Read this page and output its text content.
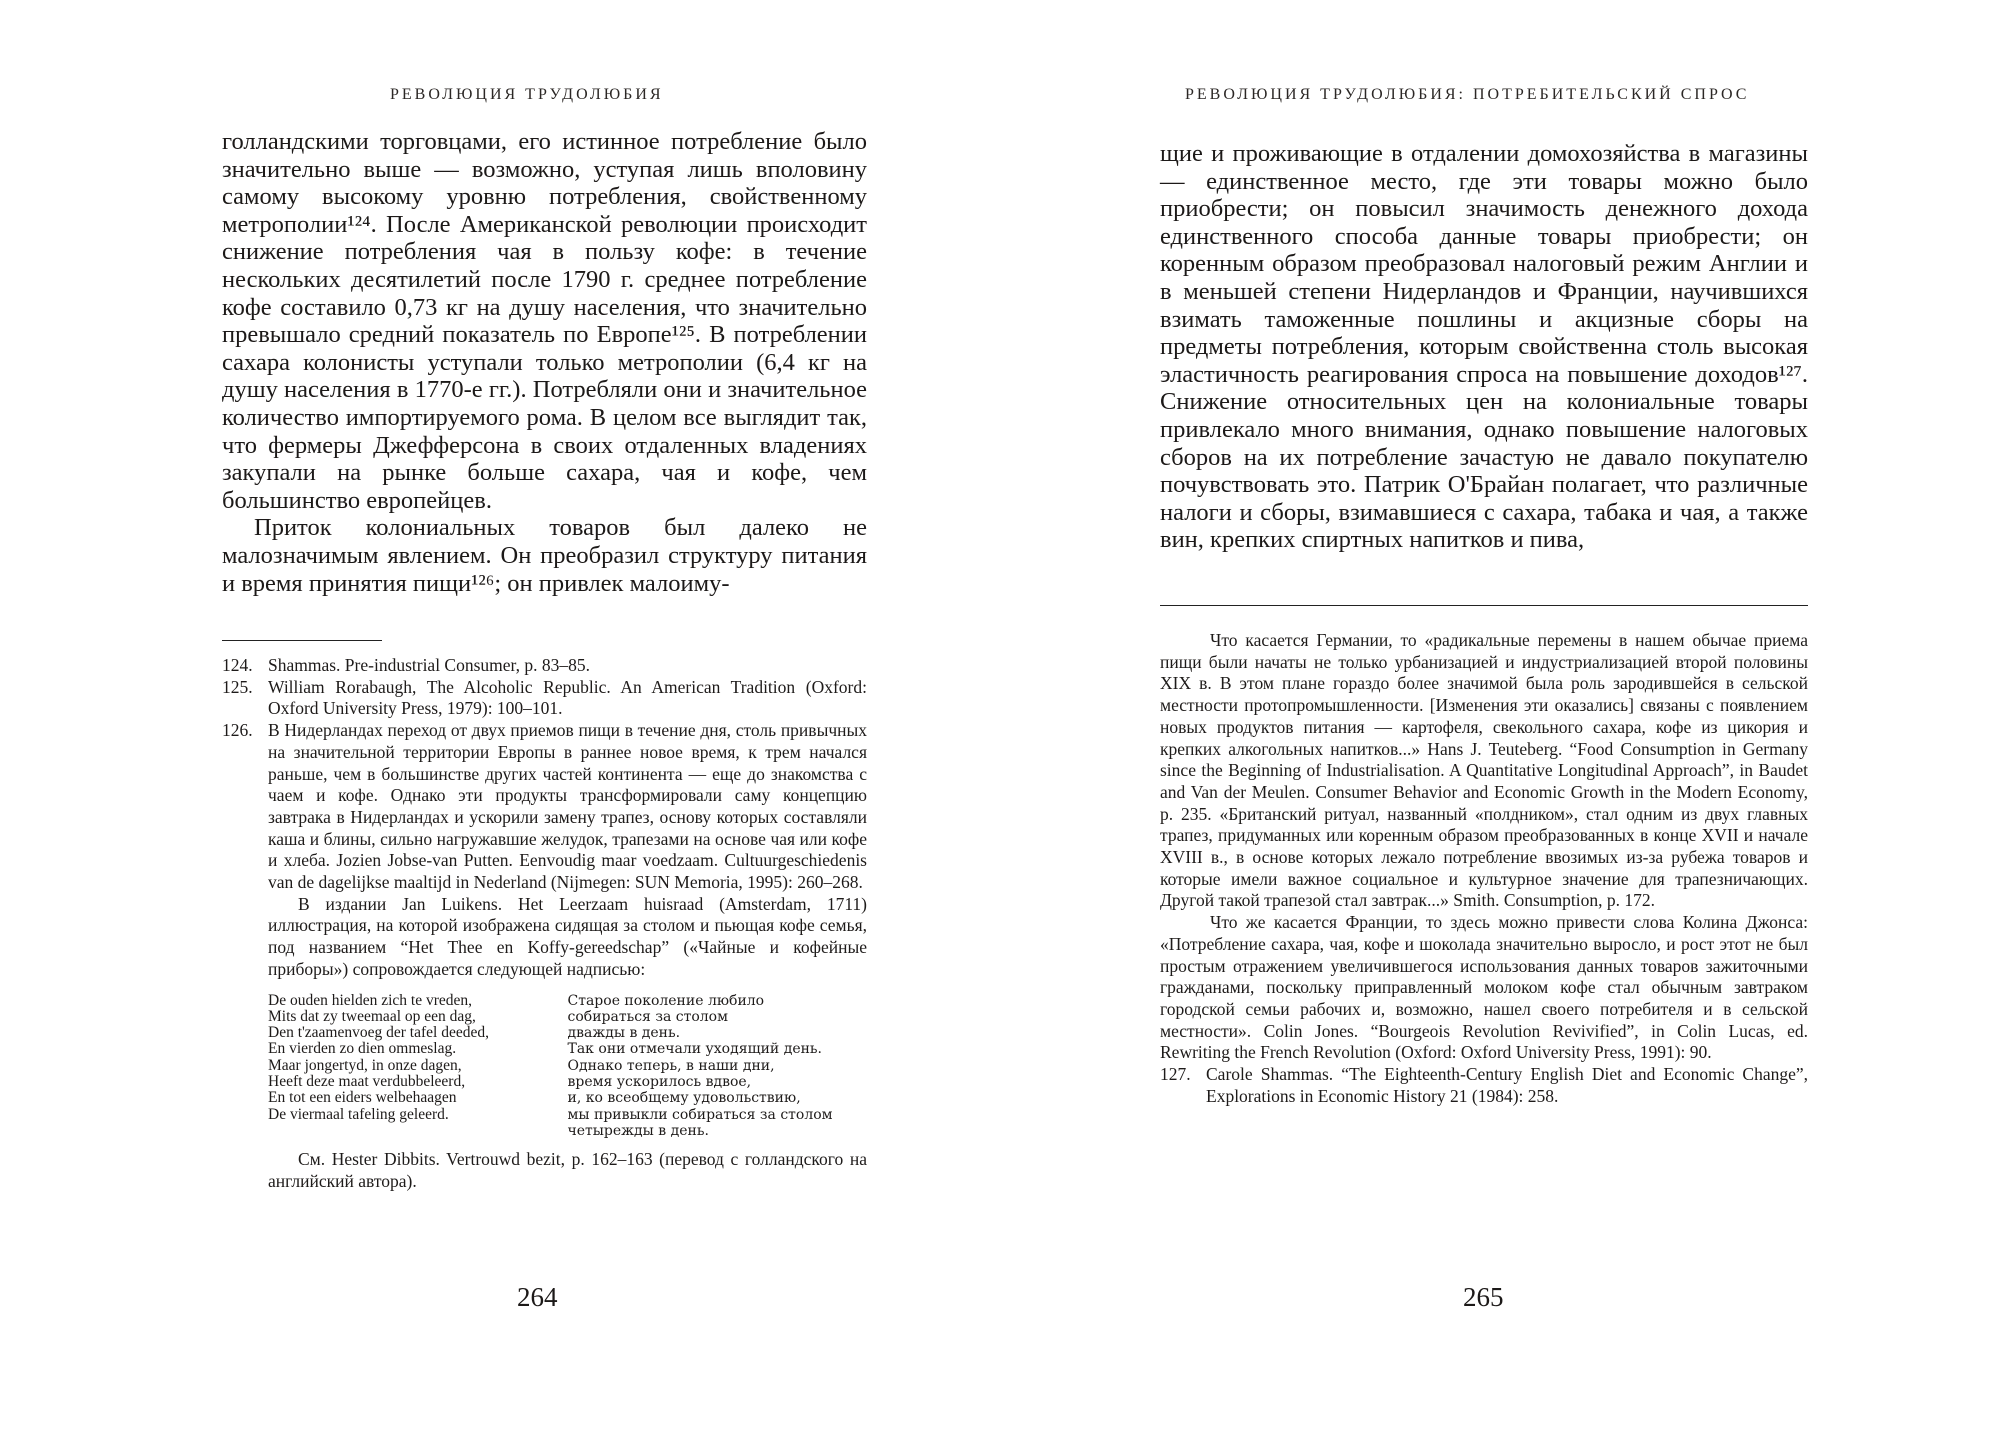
РЕВОЛЮЦИЯ ТРУДОЛЮБИЯ

голландскими торговцами, его истинное потребление было значительно выше — возможно, уступая лишь вполовину самому высокому уровню потребления, свойственному метрополии¹²⁴. После Американской революции происходит снижение потребления чая в пользу кофе: в течение нескольких десятилетий после 1790 г. среднее потребление кофе составило 0,73 кг на душу населения, что значительно превышало средний показатель по Европе¹²⁵. В потреблении сахара колонисты уступали только метрополии (6,4 кг на душу населения в 1770-е гг.). Потребляли они и значительное количество импортируемого рома. В целом все выглядит так, что фермеры Джефферсона в своих отдаленных владениях закупали на рынке больше сахара, чая и кофе, чем большинство европейцев.

Приток колониальных товаров был далеко не малозначимым явлением. Он преобразил структуру питания и время принятия пищи¹²⁶; он привлек малоиму-

124. Shammas. Pre-industrial Consumer, p. 83–85.

125. William Rorabaugh, The Alcoholic Republic. An American Tradition (Oxford: Oxford University Press, 1979): 100–101.

126. В Нидерландах переход от двух приемов пищи в течение дня, столь привычных на значительной территории Европы в раннее новое время, к трем начался раньше, чем в большинстве других частей континента — еще до знакомства с чаем и кофе. Однако эти продукты трансформировали саму концепцию завтрака в Нидерландах и ускорили замену трапез, основу которых составляли каша и блины, сильно нагружавшие желудок, трапезами на основе чая или кофе и хлеба. Jozien Jobse-van Putten. Eenvoudig maar voedzaam. Cultuurgeschiedenis van de dagelijkse maaltijd in Nederland (Nijmegen: SUN Memoria, 1995): 260–268.

В издании Jan Luikens. Het Leerzaam huisraad (Amsterdam, 1711) иллюстрация, на которой изображена сидящая за столом и пьющая кофе семья, под названием “Het Thee en Koffy-gereedschap” («Чайные и кофейные приборы») сопровождается следующей надписью:

De ouden hielden zich te vreden,
Mits dat zy tweemaal op een dag,
Den t'zaamenvoeg der tafel deeded,
En vierden zo dien ommeslag.
Maar jongertyd, in onze dagen,
Heeft deze maat verdubbeleerd,
En tot een eiders welbehaagen
De viermaal tafeling geleerd.
Старое поколение любило
собираться за столом
дважды в день.
Так они отмечали уходящий день.
Однако теперь, в наши дни,
время ускорилось вдвое,
и, ко всеобщему удовольствию,
мы привыкли собираться за столом
четырежды в день.

См. Hester Dibbits. Vertrouwd bezit, p. 162–163 (перевод с голландского на английский автора).

264
РЕВОЛЮЦИЯ ТРУДОЛЮБИЯ: ПОТРЕБИТЕЛЬСКИЙ СПРОС

щие и проживающие в отдалении домохозяйства в магазины — единственное место, где эти товары можно было приобрести; он повысил значимость денежного дохода единственного способа данные товары приобрести; он коренным образом преобразовал налоговый режим Англии и в меньшей степени Нидерландов и Франции, научившихся взимать таможенные пошлины и акцизные сборы на предметы потребления, которым свойственна столь высокая эластичность реагирования спроса на повышение доходов¹²⁷. Снижение относительных цен на колониальные товары привлекало много внимания, однако повышение налоговых сборов на их потребление зачастую не давало покупателю почувствовать это. Патрик О'Брайан полагает, что различные налоги и сборы, взимавшиеся с сахара, табака и чая, а также вин, крепких спиртных напитков и пива,

Что касается Германии, то «радикальные перемены в нашем обычае приема пищи были начаты не только урбанизацией и индустриализацией второй половины XIX в. В этом плане гораздо более значимой была роль зародившейся в сельской местности протопромышленности. [Изменения эти оказались] связаны с появлением новых продуктов питания — картофеля, свекольного сахара, кофе из цикория и крепких алкогольных напитков...» Hans J. Teuteberg. “Food Consumption in Germany since the Beginning of Industrialisation. A Quantitative Longitudinal Approach”, in Baudet and Van der Meulen. Consumer Behavior and Economic Growth in the Modern Economy, p. 235. «Британский ритуал, названный «полдником», стал одним из двух главных трапез, придуманных или коренным образом преобразованных в конце XVII и начале XVIII в., в основе которых лежало потребление ввозимых из-за рубежа товаров и которые имели важное социальное и культурное значение для трапезничающих. Другой такой трапезой стал завтрак...» Smith. Consumption, p. 172.

Что же касается Франции, то здесь можно привести слова Колина Джонса: «Потребление сахара, чая, кофе и шоколада значительно выросло, и рост этот не был простым отражением увеличившегося использования данных товаров зажиточными гражданами, поскольку приправленный молоком кофе стал обычным завтраком городской семьи рабочих и, возможно, нашел своего потребителя и в сельской местности». Colin Jones. “Bourgeois Revolution Revivified”, in Colin Lucas, ed. Rewriting the French Revolution (Oxford: Oxford University Press, 1991): 90.

127. Carole Shammas. “The Eighteenth-Century English Diet and Economic Change”, Explorations in Economic History 21 (1984): 258.

265
